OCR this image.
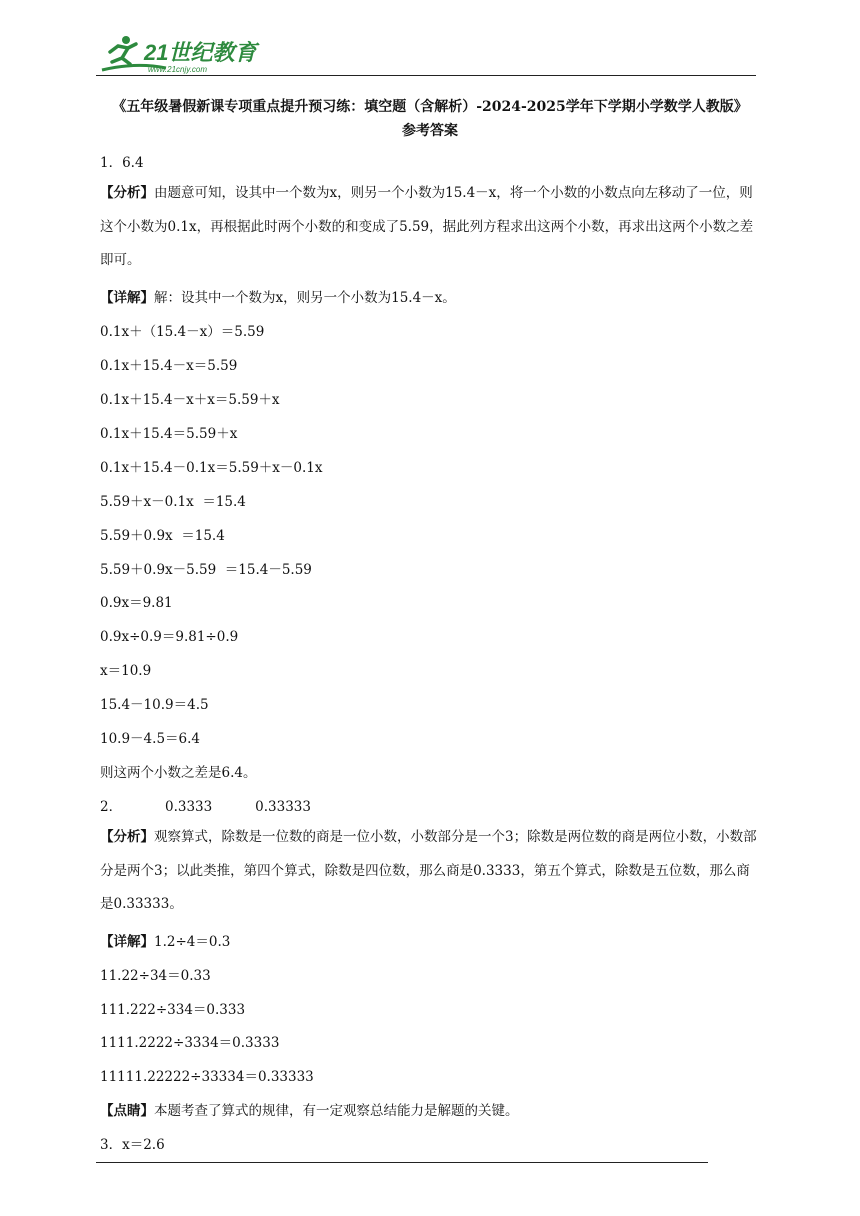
21世纪教育
www.21cnjy.com
《五年级暑假新课专项重点提升预习练：填空题（含解析）-2024-2025学年下学期小学数学人教版》
参考答案
1．6.4
【分析】由题意可知，设其中一个数为x，则另一个小数为15.4－x，将一个小数的小数点向左移动了一位，则这个小数为0.1x，再根据此时两个小数的和变成了5.59，据此列方程求出这两个小数，再求出这两个小数之差即可。
【详解】解：设其中一个数为x，则另一个小数为15.4－x。
0.1x＋（15.4－x）＝5.59
0.1x＋15.4－x＝5.59
0.1x＋15.4－x＋x＝5.59＋x
0.1x＋15.4＝5.59＋x
0.1x＋15.4－0.1x＝5.59＋x－0.1x
5.59＋x－0.1x  ＝15.4
5.59＋0.9x  ＝15.4
5.59＋0.9x－5.59  ＝15.4－5.59
0.9x＝9.81
0.9x÷0.9＝9.81÷0.9
x＝10.9
15.4－10.9＝4.5
10.9－4.5＝6.4
则这两个小数之差是6.4。
2．          0.3333          0.33333
【分析】观察算式，除数是一位数的商是一位小数，小数部分是一个3；除数是两位数的商是两位小数，小数部分是两个3；以此类推，第四个算式，除数是四位数，那么商是0.3333，第五个算式，除数是五位数，那么商是0.33333。
【详解】1.2÷4＝0.3
11.22÷34＝0.33
111.222÷334＝0.333
1111.2222÷3334＝0.3333
11111.22222÷33334＝0.33333
【点睛】本题考查了算式的规律，有一定观察总结能力是解题的关键。
3．x＝2.6
